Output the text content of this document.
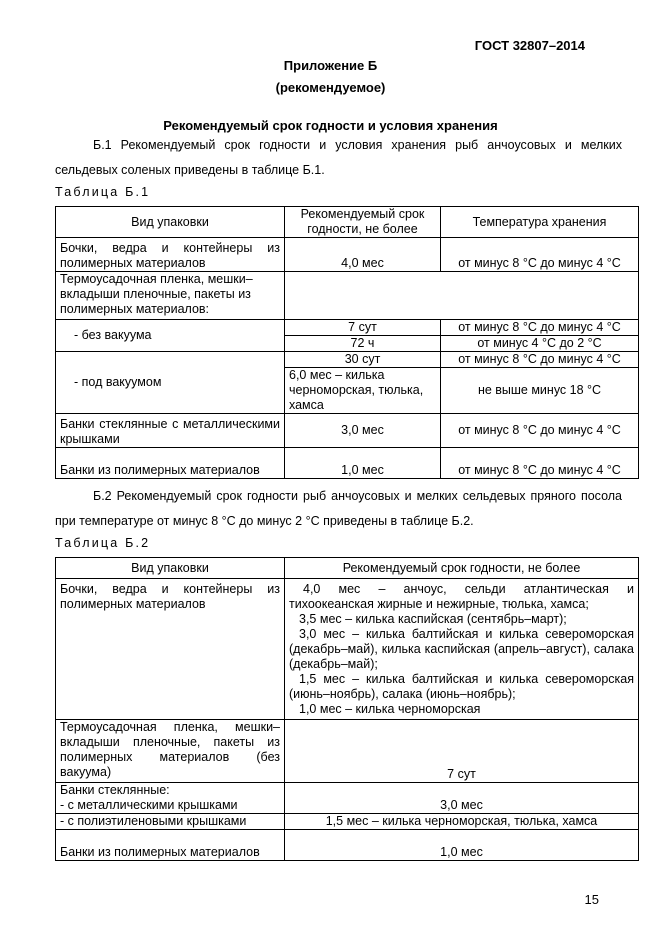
ГОСТ 32807–2014
Приложение Б
(рекомендуемое)
Рекомендуемый срок годности и условия хранения
Б.1 Рекомендуемый срок годности и условия хранения рыб анчоусовых и мелких сельдевых соленых приведены в таблице Б.1.
Таблица Б.1
Вид упаковки	Рекомендуемый срок годности, не более	Температура хранения
Бочки, ведра и контейнеры из полимерных материалов	4,0 мес	от минус 8 °С до минус 4 °С
Термоусадочная пленка, мешки–вкладыши пленочные, пакеты из полимерных материалов:		
- без вакуума	7 сут	от минус 8 °С до минус 4 °С
	72 ч	от минус 4 °С до 2 °С
- под вакуумом	30 сут	от минус 8 °С до минус 4 °С
	6,0 мес – килька черноморская, тюлька, хамса	не выше минус 18 °С
Банки стеклянные с металлическими крышками	3,0 мес	от минус 8 °С до минус 4 °С
Банки из полимерных материалов	1,0 мес	от минус 8 °С до минус 4 °С
Б.2 Рекомендуемый срок годности рыб анчоусовых и мелких сельдевых пряного посола при температуре от минус 8 °С до минус 2 °С приведены в таблице Б.2.
Таблица Б.2
Вид упаковки	Рекомендуемый срок годности, не более
Бочки, ведра и контейнеры из полимерных материалов	4,0 мес – анчоус, сельди атлантическая и тихоокеанская жирные и нежирные, тюлька, хамса;
3,5 мес – килька каспийская (сентябрь–март);
3,0 мес – килька балтийская и килька североморская (декабрь–май), килька каспийская (апрель–август), салака (декабрь–май);
1,5 мес – килька балтийская и килька североморская (июнь–ноябрь), салака (июнь–ноябрь);
1,0 мес – килька черноморская

Термоусадочная пленка, мешки–вкладыши пленочные, пакеты из полимерных материалов (без вакуума)	7 сут

Банки стеклянные:
- с металлическими крышками	3,0 мес
- с полиэтиленовыми крышками	1,5 мес – килька черноморская, тюлька, хамса
Банки из полимерных материалов	1,0 мес
15
